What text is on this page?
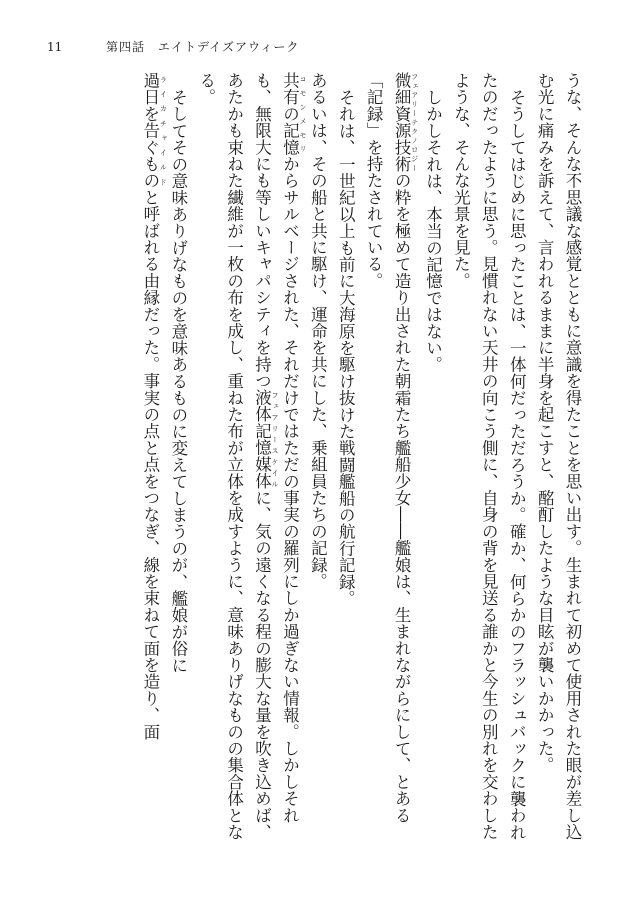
11	第四話　エイトデイズアウィーク

うな、そんな不思議な感覚とともに意識を得たことを思い出す。生まれて初めて使用された眼が差し込む光に痛みを訴えて、言われるままに半身を起こすと、酩酊したような目眩が襲いかかった。

そうしてはじめに思ったことは、一体何だっただろうか。確か、何らかのフラッシュバックに襲われたのだったように思う。見慣れない天井の向こう側に、自身の背を見送る誰かと今生の別れを交わしたような、そんな光景を見た。

しかしそれは、本当の記憶ではない。

微細資源技術 フェアリーテクノロジーの粋を極めて造り出された朝霜たち艦船少女――艦娘は、生まれながらにして、とある「記録」を持たされている。

それは、一世紀以上も前に大海原を駆け抜けた戦闘艦船の航行記録。

あるいは、その船と共に駆け、運命を共にした、乗組員たちの記録。
共有の記憶 コモンメモリからサルベージされた、それだけではただの事実の羅列にしか過ぎない情報。しかしそれも、無限大にも等しいキャパシティを持つ液体記憶媒体 フェアリースケイルに、気の遠くなる程の膨大な量を吹き込めば、あたかも束ねた繊維が一枚の布を成し、重ねた布が立体を成すように、意味ありげなものの集合体となる。

そしてその意味ありげなものを意味あるものに変えてしまうのが、艦娘が俗に
過日を告ぐもの ライカチャイルドと呼ばれる由縁だった。事実の点と点をつなぎ、線を束ねて面を造り、面
